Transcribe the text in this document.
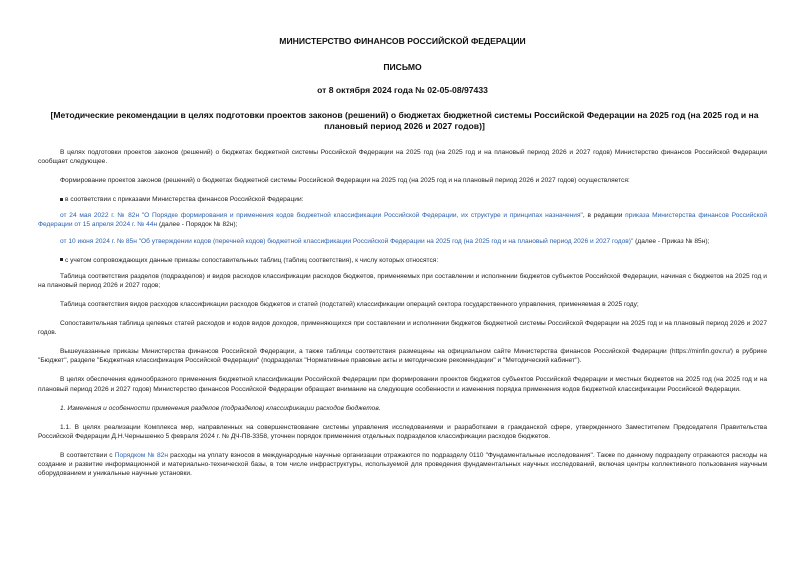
МИНИСТЕРСТВО ФИНАНСОВ РОССИЙСКОЙ ФЕДЕРАЦИИ
ПИСЬМО
от 8 октября 2024 года № 02-05-08/97433
[Методические рекомендации в целях подготовки проектов законов (решений) о бюджетах бюджетной системы Российской Федерации на 2025 год (на 2025 год и на плановый период 2026 и 2027 годов)]
В целях подготовки проектов законов (решений) о бюджетах бюджетной системы Российской Федерации на 2025 год (на 2025 год и на плановый период 2026 и 2027 годов) Министерство финансов Российской Федерации сообщает следующее.
Формирование проектов законов (решений) о бюджетах бюджетной системы Российской Федерации на 2025 год (на 2025 год и на плановый период 2026 и 2027 годов) осуществляется:
в соответствии с приказами Министерства финансов Российской Федерации:
от 24 мая 2022 г. № 82н "О Порядке формирования и применения кодов бюджетной классификации Российской Федерации, их структуре и принципах назначения", в редакции приказа Министерства финансов Российской Федерации от 15 апреля 2024 г. № 44н (далее - Порядок № 82н);
от 10 июня 2024 г. № 85н "Об утверждении кодов (перечней кодов) бюджетной классификации Российской Федерации на 2025 год (на 2025 год и на плановый период 2026 и 2027 годов)" (далее - Приказ № 85н);
с учетом сопровождающих данные приказы сопоставительных таблиц (таблиц соответствия), к числу которых относятся:
Таблица соответствия разделов (подразделов) и видов расходов классификации расходов бюджетов, применяемых при составлении и исполнении бюджетов субъектов Российской Федерации, начиная с бюджетов на 2025 год и на плановый период 2026 и 2027 годов;
Таблица соответствия видов расходов классификации расходов бюджетов и статей (подстатей) классификации операций сектора государственного управления, применяемая в 2025 году;
Сопоставительная таблица целевых статей расходов и кодов видов доходов, применяющихся при составлении и исполнении бюджетов бюджетной системы Российской Федерации на 2025 год и на плановый период 2026 и 2027 годов.
Вышеуказанные приказы Министерства финансов Российской Федерации, а также таблицы соответствия размещены на официальном сайте Министерства финансов Российской Федерации (https://minfin.gov.ru/) в рубрике "Бюджет", разделе "Бюджетная классификация Российской Федерации" (подразделах "Нормативные правовые акты и методические рекомендации" и "Методический кабинет").
В целях обеспечения единообразного применения бюджетной классификации Российской Федерации при формировании проектов бюджетов субъектов Российской Федерации и местных бюджетов на 2025 год (на 2025 год и на плановый период 2026 и 2027 годов) Министерство финансов Российской Федерации обращает внимание на следующие особенности и изменения порядка применения кодов бюджетной классификации Российской Федерации.
1. Изменения и особенности применения разделов (подразделов) классификации расходов бюджетов.
1.1. В целях реализации Комплекса мер, направленных на совершенствование системы управления исследованиями и разработками в гражданской сфере, утвержденного Заместителем Председателя Правительства Российской Федерации Д.Н.Чернышенко 5 февраля 2024 г. № ДЧ-П8-3358, уточнен порядок применения отдельных подразделов классификации расходов бюджетов.
В соответствии с Порядком № 82н расходы на уплату взносов в международные научные организации отражаются по подразделу 0110 "Фундаментальные исследования". Также по данному подразделу отражаются расходы на создание и развитие информационной и материально-технической базы, в том числе инфраструктуры, используемой для проведения фундаментальных научных исследований, включая центры коллективного пользования научным оборудованием и уникальные научные установки.
